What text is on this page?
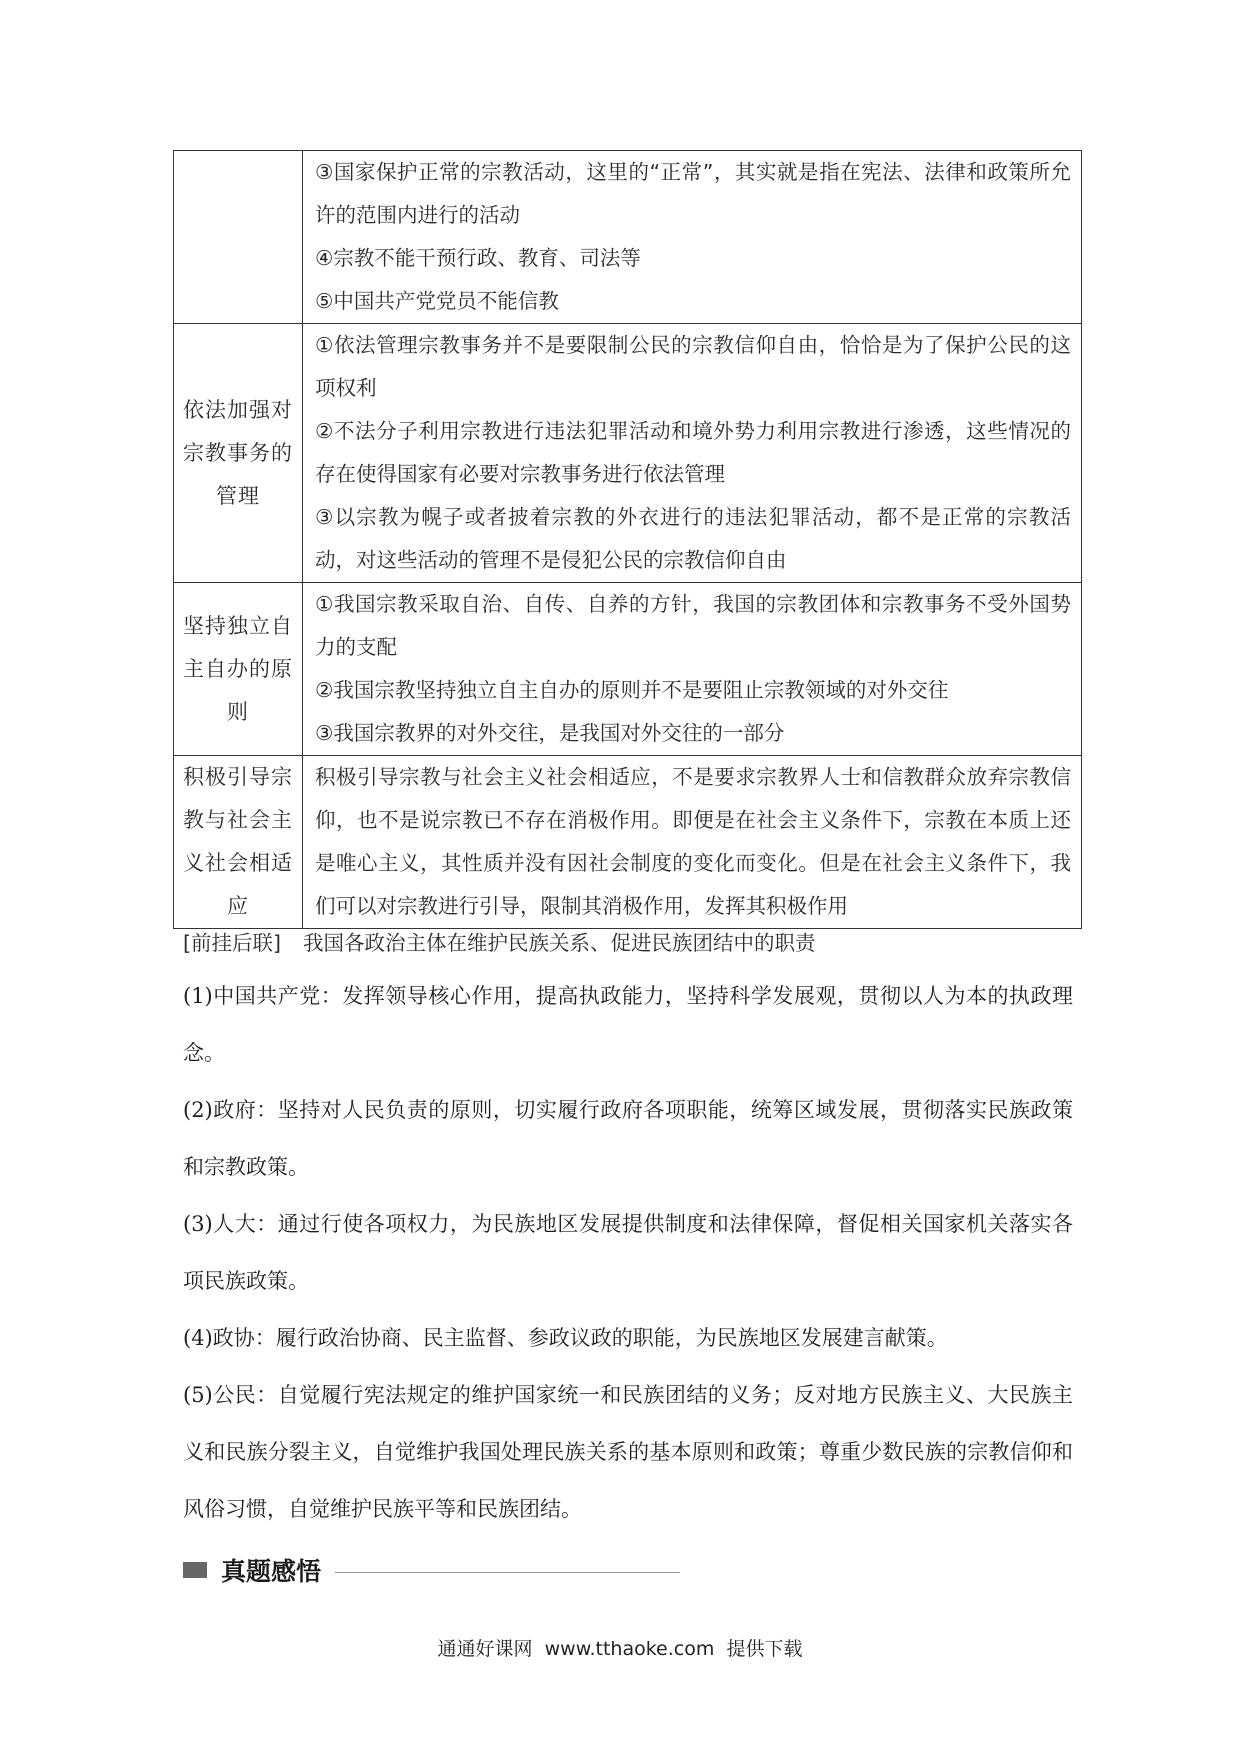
	③国家保护正常的宗教活动，这里的“正常”，其实就是指在宪法、法律和政策所允许的范围内进行的活动
④宗教不能干预行政、教育、司法等
⑤中国共产党党员不能信教

依法加强对宗教事务的管理	①依法管理宗教事务并不是要限制公民的宗教信仰自由，恰恰是为了保护公民的这项权利
②不法分子利用宗教进行违法犯罪活动和境外势力利用宗教进行渗透，这些情况的存在使得国家有必要对宗教事务进行依法管理
③以宗教为幌子或者披着宗教的外衣进行的违法犯罪活动，都不是正常的宗教活动，对这些活动的管理不是侵犯公民的宗教信仰自由

坚持独立自主自办的原则	①我国宗教采取自治、自传、自养的方针，我国的宗教团体和宗教事务不受外国势力的支配
②我国宗教坚持独立自主自办的原则并不是要阻止宗教领域的对外交往
③我国宗教界的对外交往，是我国对外交往的一部分

积极引导宗教与社会主义社会相适应	积极引导宗教与社会主义社会相适应，不是要求宗教界人士和信教群众放弃宗教信仰，也不是说宗教已不存在消极作用。即便是在社会主义条件下，宗教在本质上还是唯心主义，其性质并没有因社会制度的变化而变化。但是在社会主义条件下，我们可以对宗教进行引导，限制其消极作用，发挥其积极作用
[前挂后联] 我国各政治主体在维护民族关系、促进民族团结中的职责

(1)中国共产党：发挥领导核心作用，提高执政能力，坚持科学发展观，贯彻以人为本的执政理念。

(2)政府：坚持对人民负责的原则，切实履行政府各项职能，统筹区域发展，贯彻落实民族政策和宗教政策。

(3)人大：通过行使各项权力，为民族地区发展提供制度和法律保障，督促相关国家机关落实各项民族政策。

(4)政协：履行政治协商、民主监督、参政议政的职能，为民族地区发展建言献策。

(5)公民：自觉履行宪法规定的维护国家统一和民族团结的义务；反对地方民族主义、大民族主义和民族分裂主义，自觉维护我国处理民族关系的基本原则和政策；尊重少数民族的宗教信仰和风俗习惯，自觉维护民族平等和民族团结。

真题感悟
通通好课网  www.tthaoke.com  提供下载
